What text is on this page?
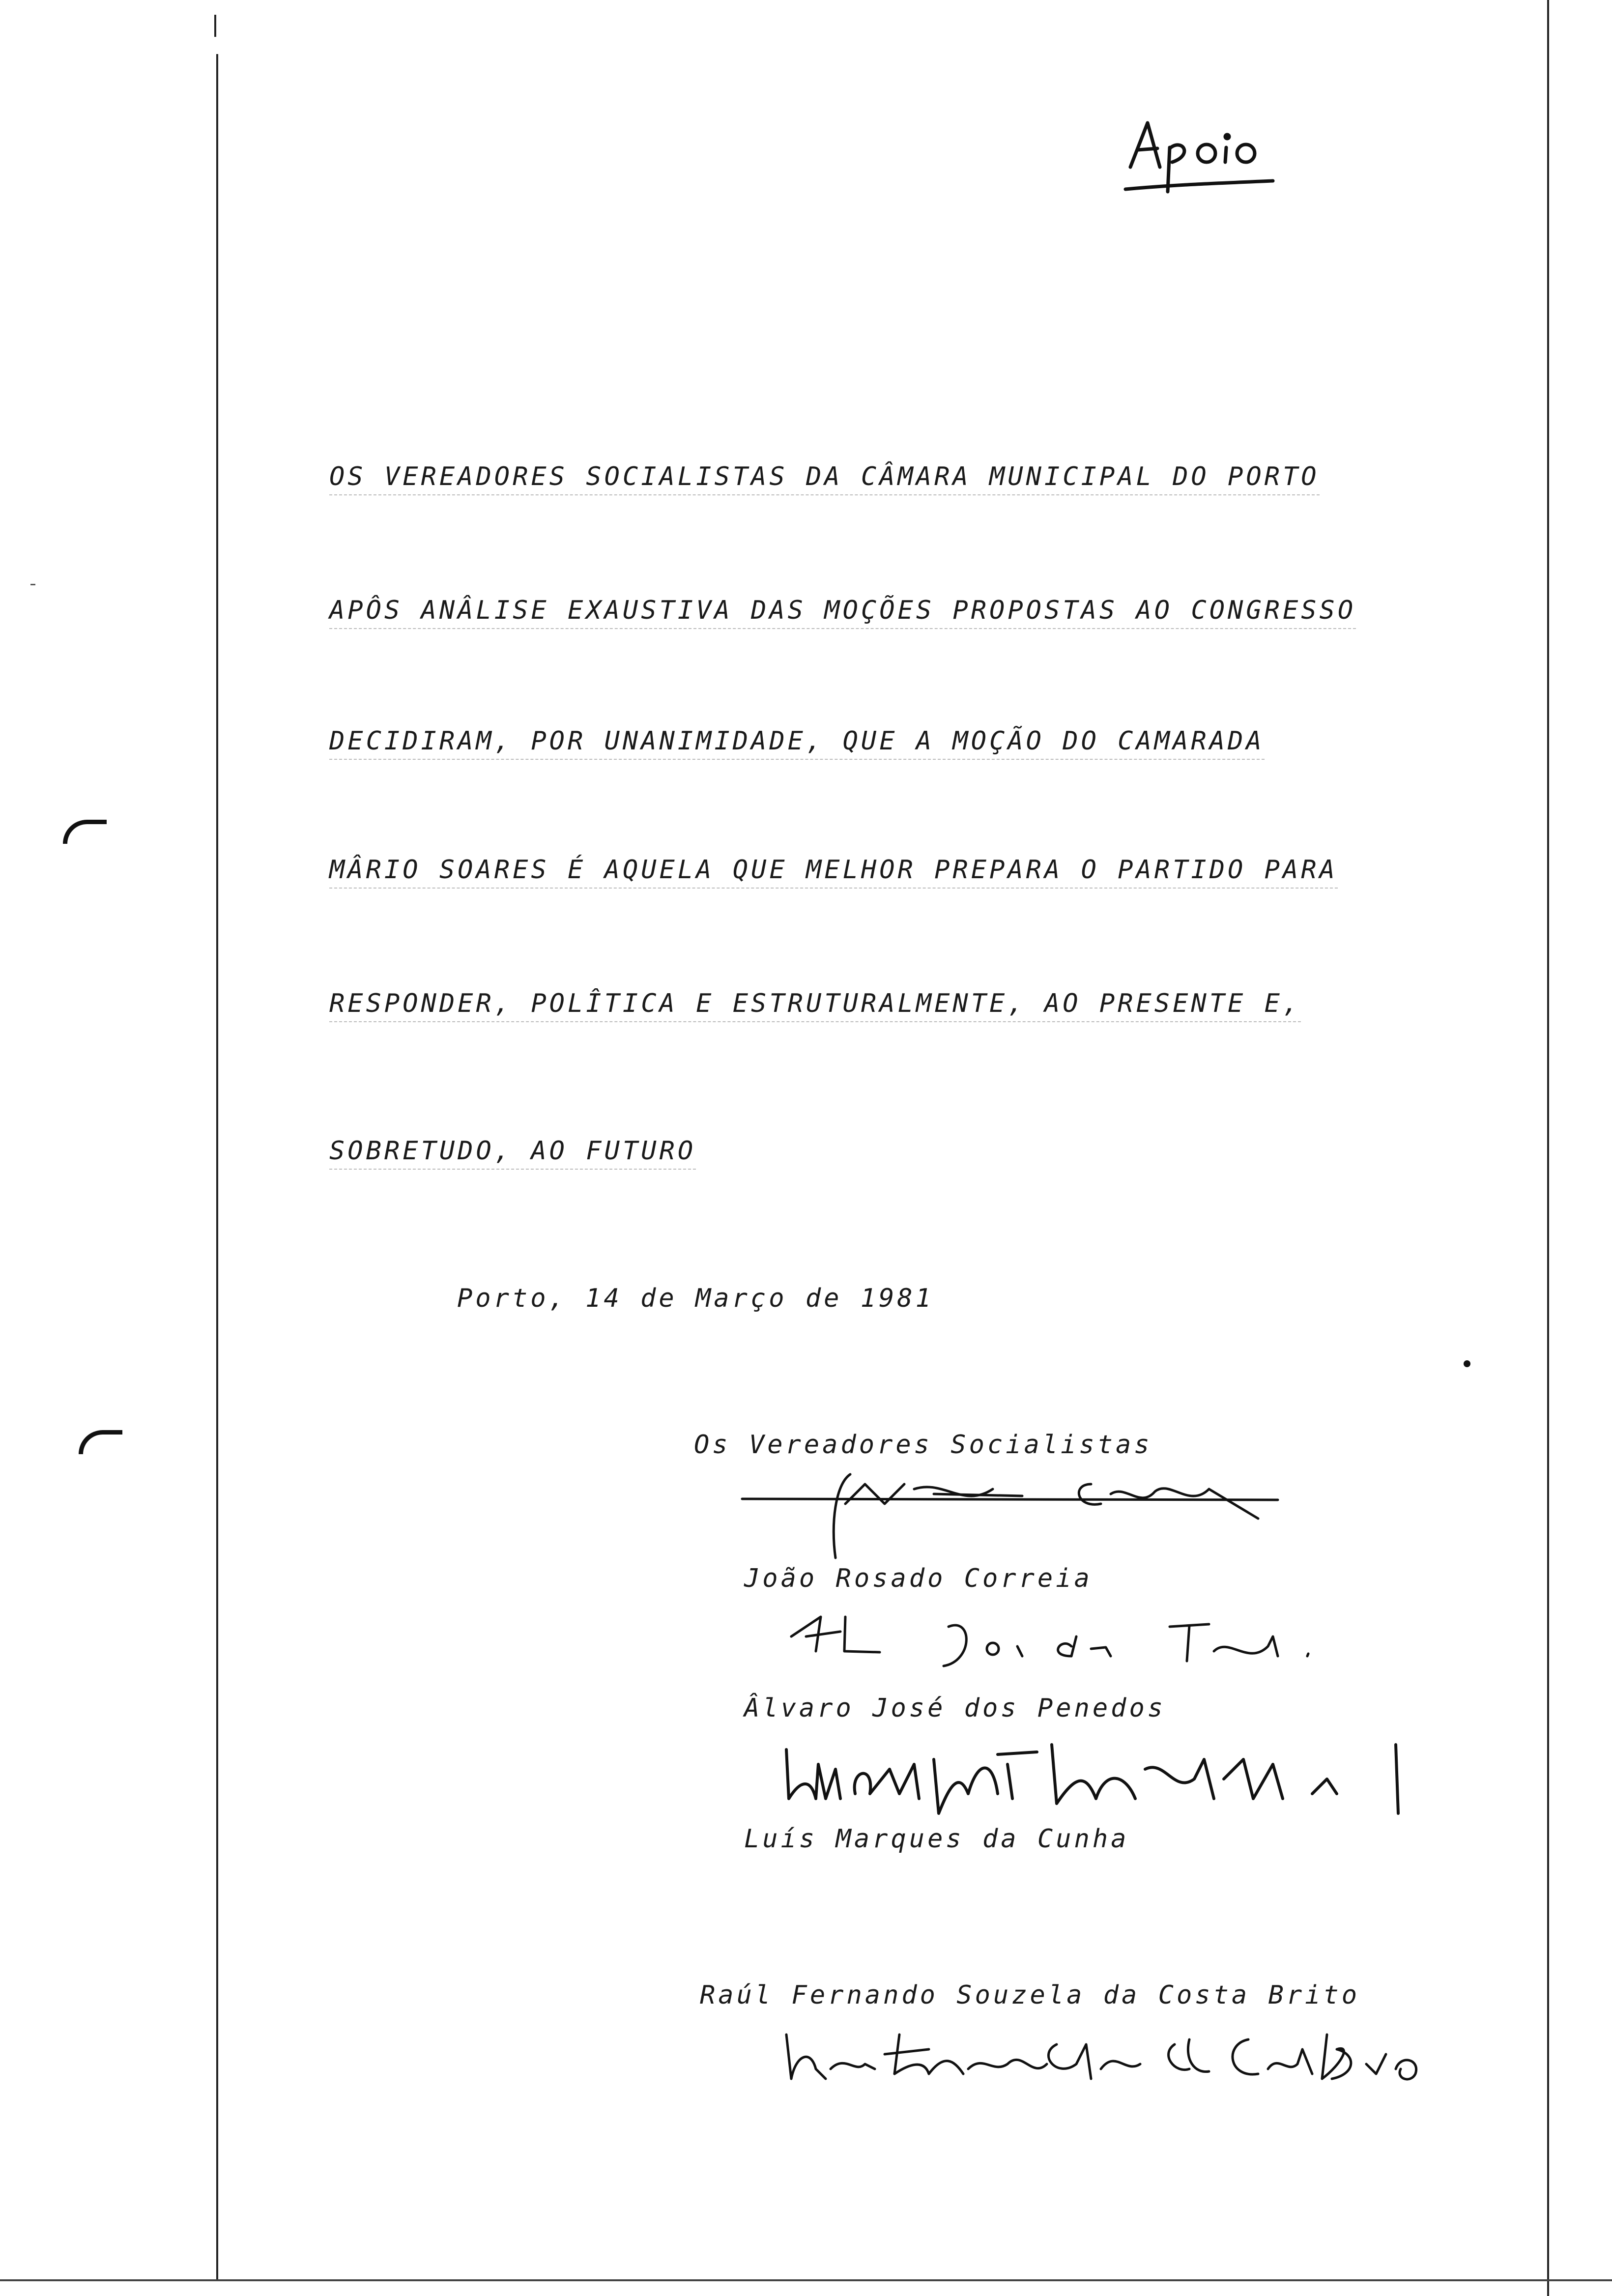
OS VEREADORES SOCIALISTAS DA CÂMARA MUNICIPAL DO PORTO
APÔS ANÂLISE EXAUSTIVA DAS MOÇÕES PROPOSTAS AO CONGRESSO
DECIDIRAM, POR UNANIMIDADE, QUE A MOÇÃO DO CAMARADA
MÂRIO SOARES É AQUELA QUE MELHOR PREPARA O PARTIDO PARA
RESPONDER, POLÎTICA E ESTRUTURALMENTE, AO PRESENTE E,
SOBRETUDO, AO FUTURO
Porto, 14 de Março de 1981
Os Vereadores Socialistas
João Rosado Correia
Âlvaro José dos Penedos
Luís Marques da Cunha
Raúl Fernando Souzela da Costa Brito
